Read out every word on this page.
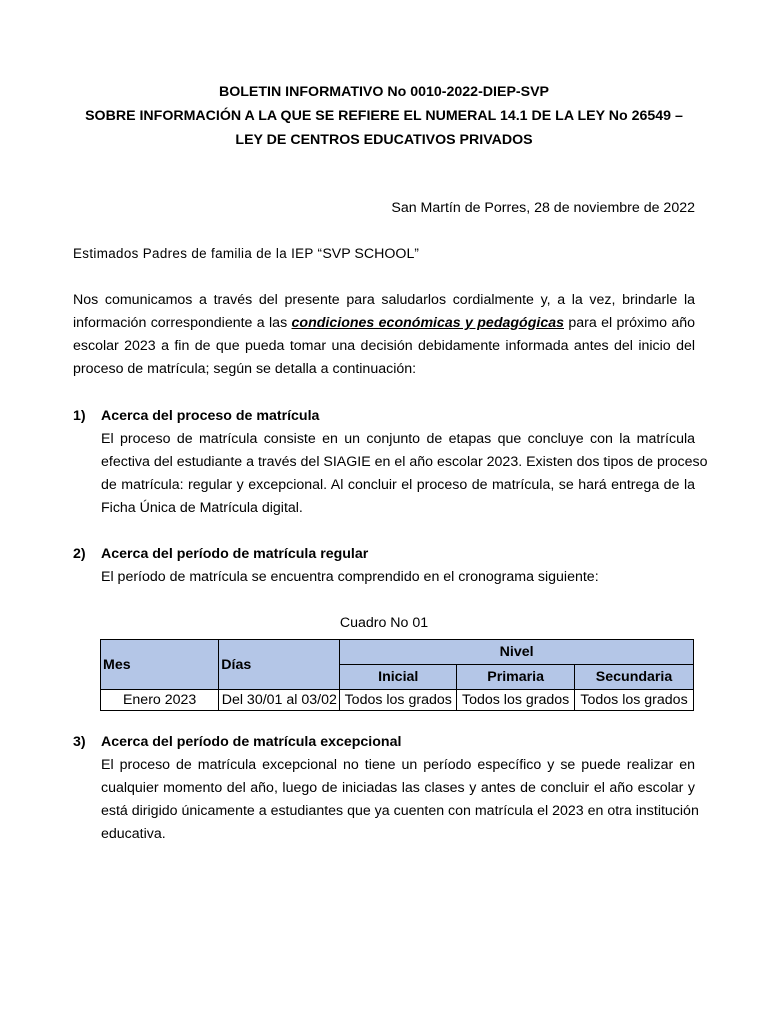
BOLETIN INFORMATIVO No 0010-2022-DIEP-SVP
SOBRE INFORMACIÓN A LA QUE SE REFIERE EL NUMERAL 14.1 DE LA LEY No 26549 –
LEY DE CENTROS EDUCATIVOS PRIVADOS
San Martín de Porres, 28 de noviembre de 2022
Estimados Padres de familia de la IEP “SVP SCHOOL”
Nos comunicamos a través del presente para saludarlos cordialmente y, a la vez, brindarle la
información correspondiente a las condiciones económicas y pedagógicas para el próximo año
escolar 2023 a fin de que pueda tomar una decisión debidamente informada antes del inicio del
proceso de matrícula; según se detalla a continuación:
1) Acerca del proceso de matrícula
El proceso de matrícula consiste en un conjunto de etapas que concluye con la matrícula
efectiva del estudiante a través del SIAGIE en el año escolar 2023. Existen dos tipos de proceso
de matrícula: regular y excepcional. Al concluir el proceso de matrícula, se hará entrega de la
Ficha Única de Matrícula digital.
2) Acerca del período de matrícula regular
El período de matrícula se encuentra comprendido en el cronograma siguiente:
Cuadro No 01
Mes	Días	Nivel		
		Inicial	Primaria	Secundaria
Enero 2023	Del 30/01 al 03/02	Todos los grados	Todos los grados	Todos los grados
3) Acerca del período de matrícula excepcional
El proceso de matrícula excepcional no tiene un período específico y se puede realizar en
cualquier momento del año, luego de iniciadas las clases y antes de concluir el año escolar y
está dirigido únicamente a estudiantes que ya cuenten con matrícula el 2023 en otra institución
educativa.
